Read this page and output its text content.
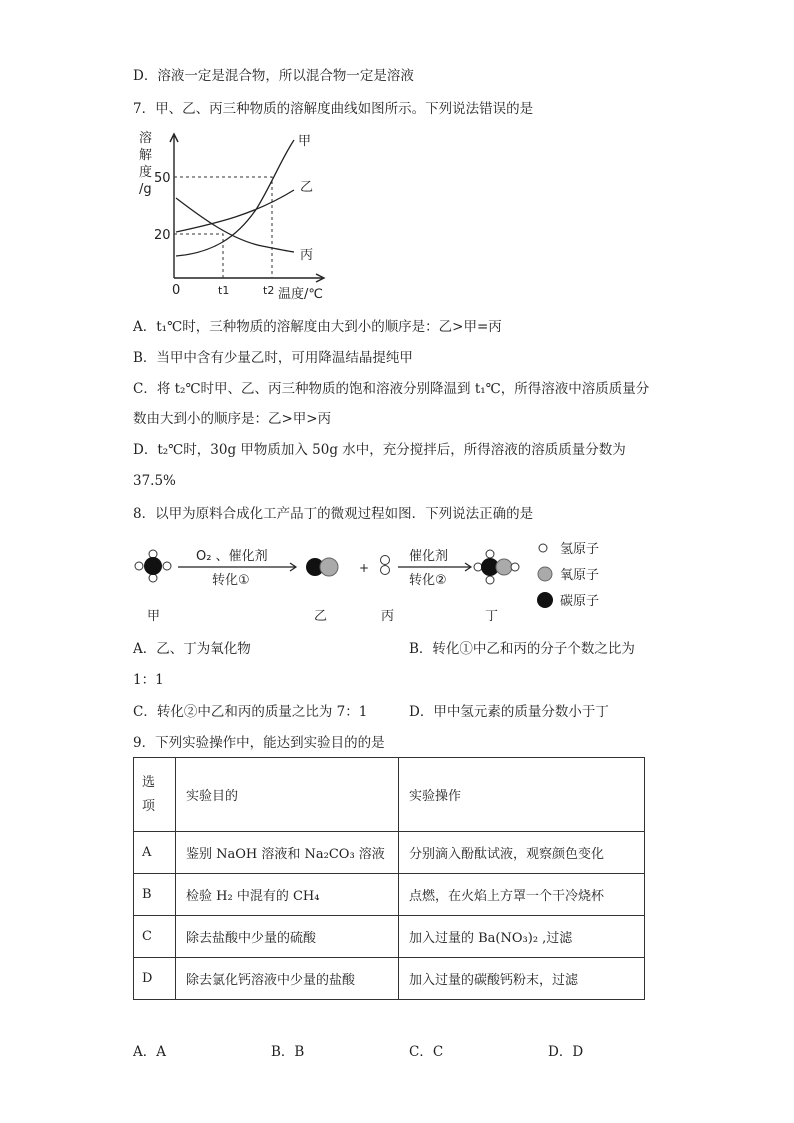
D．溶液一定是混合物，所以混合物一定是溶液
7．甲、乙、丙三种物质的溶解度曲线如图所示。下列说法错误的是
溶
解
度
/g
50
20
0	t1	t2 温度/℃
甲
乙
丙
A．t₁℃时，三种物质的溶解度由大到小的顺序是：乙>甲=丙
B．当甲中含有少量乙时，可用降温结晶提纯甲
C．将 t₂℃时甲、乙、丙三种物质的饱和溶液分别降温到 t₁℃，所得溶液中溶质质量分
数由大到小的顺序是：乙>甲>丙
D．t₂℃时，30g 甲物质加入 50g 水中，充分搅拌后，所得溶液的溶质质量分数为
37.5%
8．以甲为原料合成化工产品丁的微观过程如图．下列说法正确的是
O₂ 、催化剂
转化①
+
催化剂
转化②
氢原子
氧原子
碳原子
甲	乙	丙	丁
A．乙、丁为氧化物	B．转化①中乙和丙的分子个数之比为
1：1
C．转化②中乙和丙的质量之比为 7：1	D．甲中氢元素的质量分数小于丁
9．下列实验操作中，能达到实验目的的是
选
项	实验目的	实验操作
A	鉴别 NaOH 溶液和 Na₂CO₃ 溶液	分别滴入酚酞试液，观察颜色变化
B	检验 H₂ 中混有的 CH₄	点燃，在火焰上方罩一个干冷烧杯
C	除去盐酸中少量的硫酸	加入过量的 Ba(NO₃)₂ ,过滤
D	除去氯化钙溶液中少量的盐酸	加入过量的碳酸钙粉末，过滤
A．A	B．B	C．C	D．D
